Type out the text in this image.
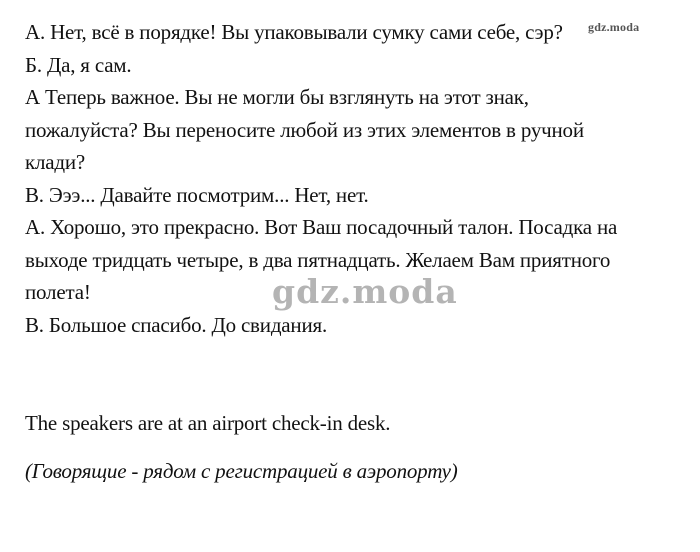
А. Нет, всё в порядке! Вы упаковывали сумку сами себе, сэр?

Б. Да, я сам.

А Теперь важное. Вы не могли бы взглянуть на этот знак,

пожалуйста? Вы переносите любой из этих элементов в ручной

клади?

В. Эээ... Давайте посмотрим... Нет, нет.

А. Хорошо, это прекрасно. Вот Ваш посадочный талон. Посадка на

выходе тридцать четыре, в два пятнадцать. Желаем Вам приятного

полета!

В. Большое спасибо. До свидания.

The speakers are at an airport check-in desk.

(Говорящие - рядом с регистрацией в аэропорту)

gdz.moda
gdz.moda
